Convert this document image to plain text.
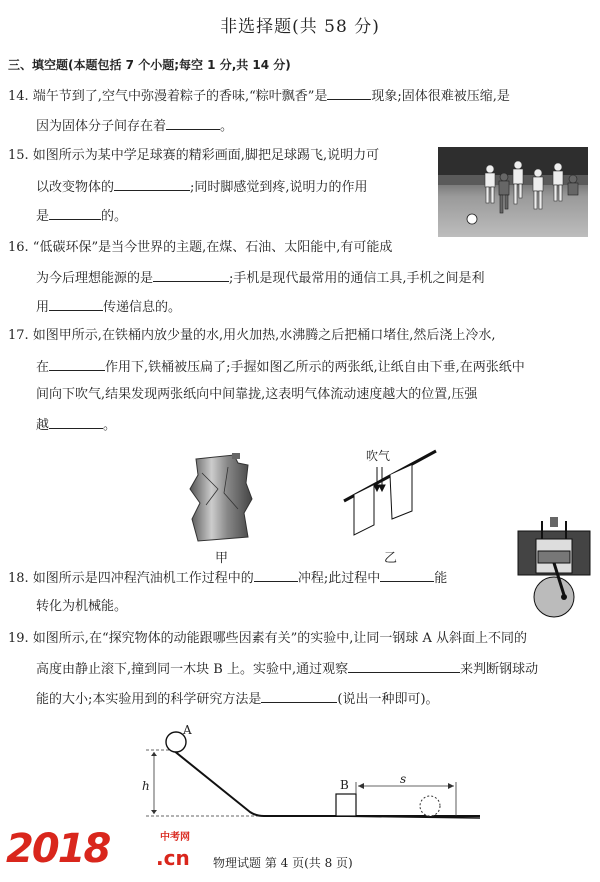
非选择题(共 58 分)
三、填空题(本题包括 7 个小题;每空 1 分,共 14 分)
14. 端午节到了,空气中弥漫着粽子的香味,“粽叶飘香”是	现象;固体很难被压缩,是
因为固体分子间存在着	。
15. 如图所示为某中学足球赛的精彩画面,脚把足球踢飞,说明力可
以改变物体的	;同时脚感觉到疼,说明力的作用
是	的。
16. “低碳环保”是当今世界的主题,在煤、石油、太阳能中,有可能成
为今后理想能源的是	;手机是现代最常用的通信工具,手机之间是利
用	传递信息的。
17. 如图甲所示,在铁桶内放少量的水,用火加热,水沸腾之后把桶口堵住,然后浇上冷水,
在	作用下,铁桶被压扁了;手握如图乙所示的两张纸,让纸自由下垂,在两张纸中
间向下吹气,结果发现两张纸向中间靠拢,这表明气体流动速度越大的位置,压强
越	。
甲
吹气
乙
18. 如图所示是四冲程汽油机工作过程中的	冲程;此过程中	能
转化为机械能。
19. 如图所示,在“探究物体的动能跟哪些因素有关”的实验中,让同一钢球 A 从斜面上不同的
高度由静止滚下,撞到同一木块 B 上。实验中,通过观察	来判断钢球动
能的大小;本实验用到的科学研究方法是	(说出一种即可)。
A
h	B	s
物理试题 第 4 页(共 8 页)
2018	中考网
.cn
